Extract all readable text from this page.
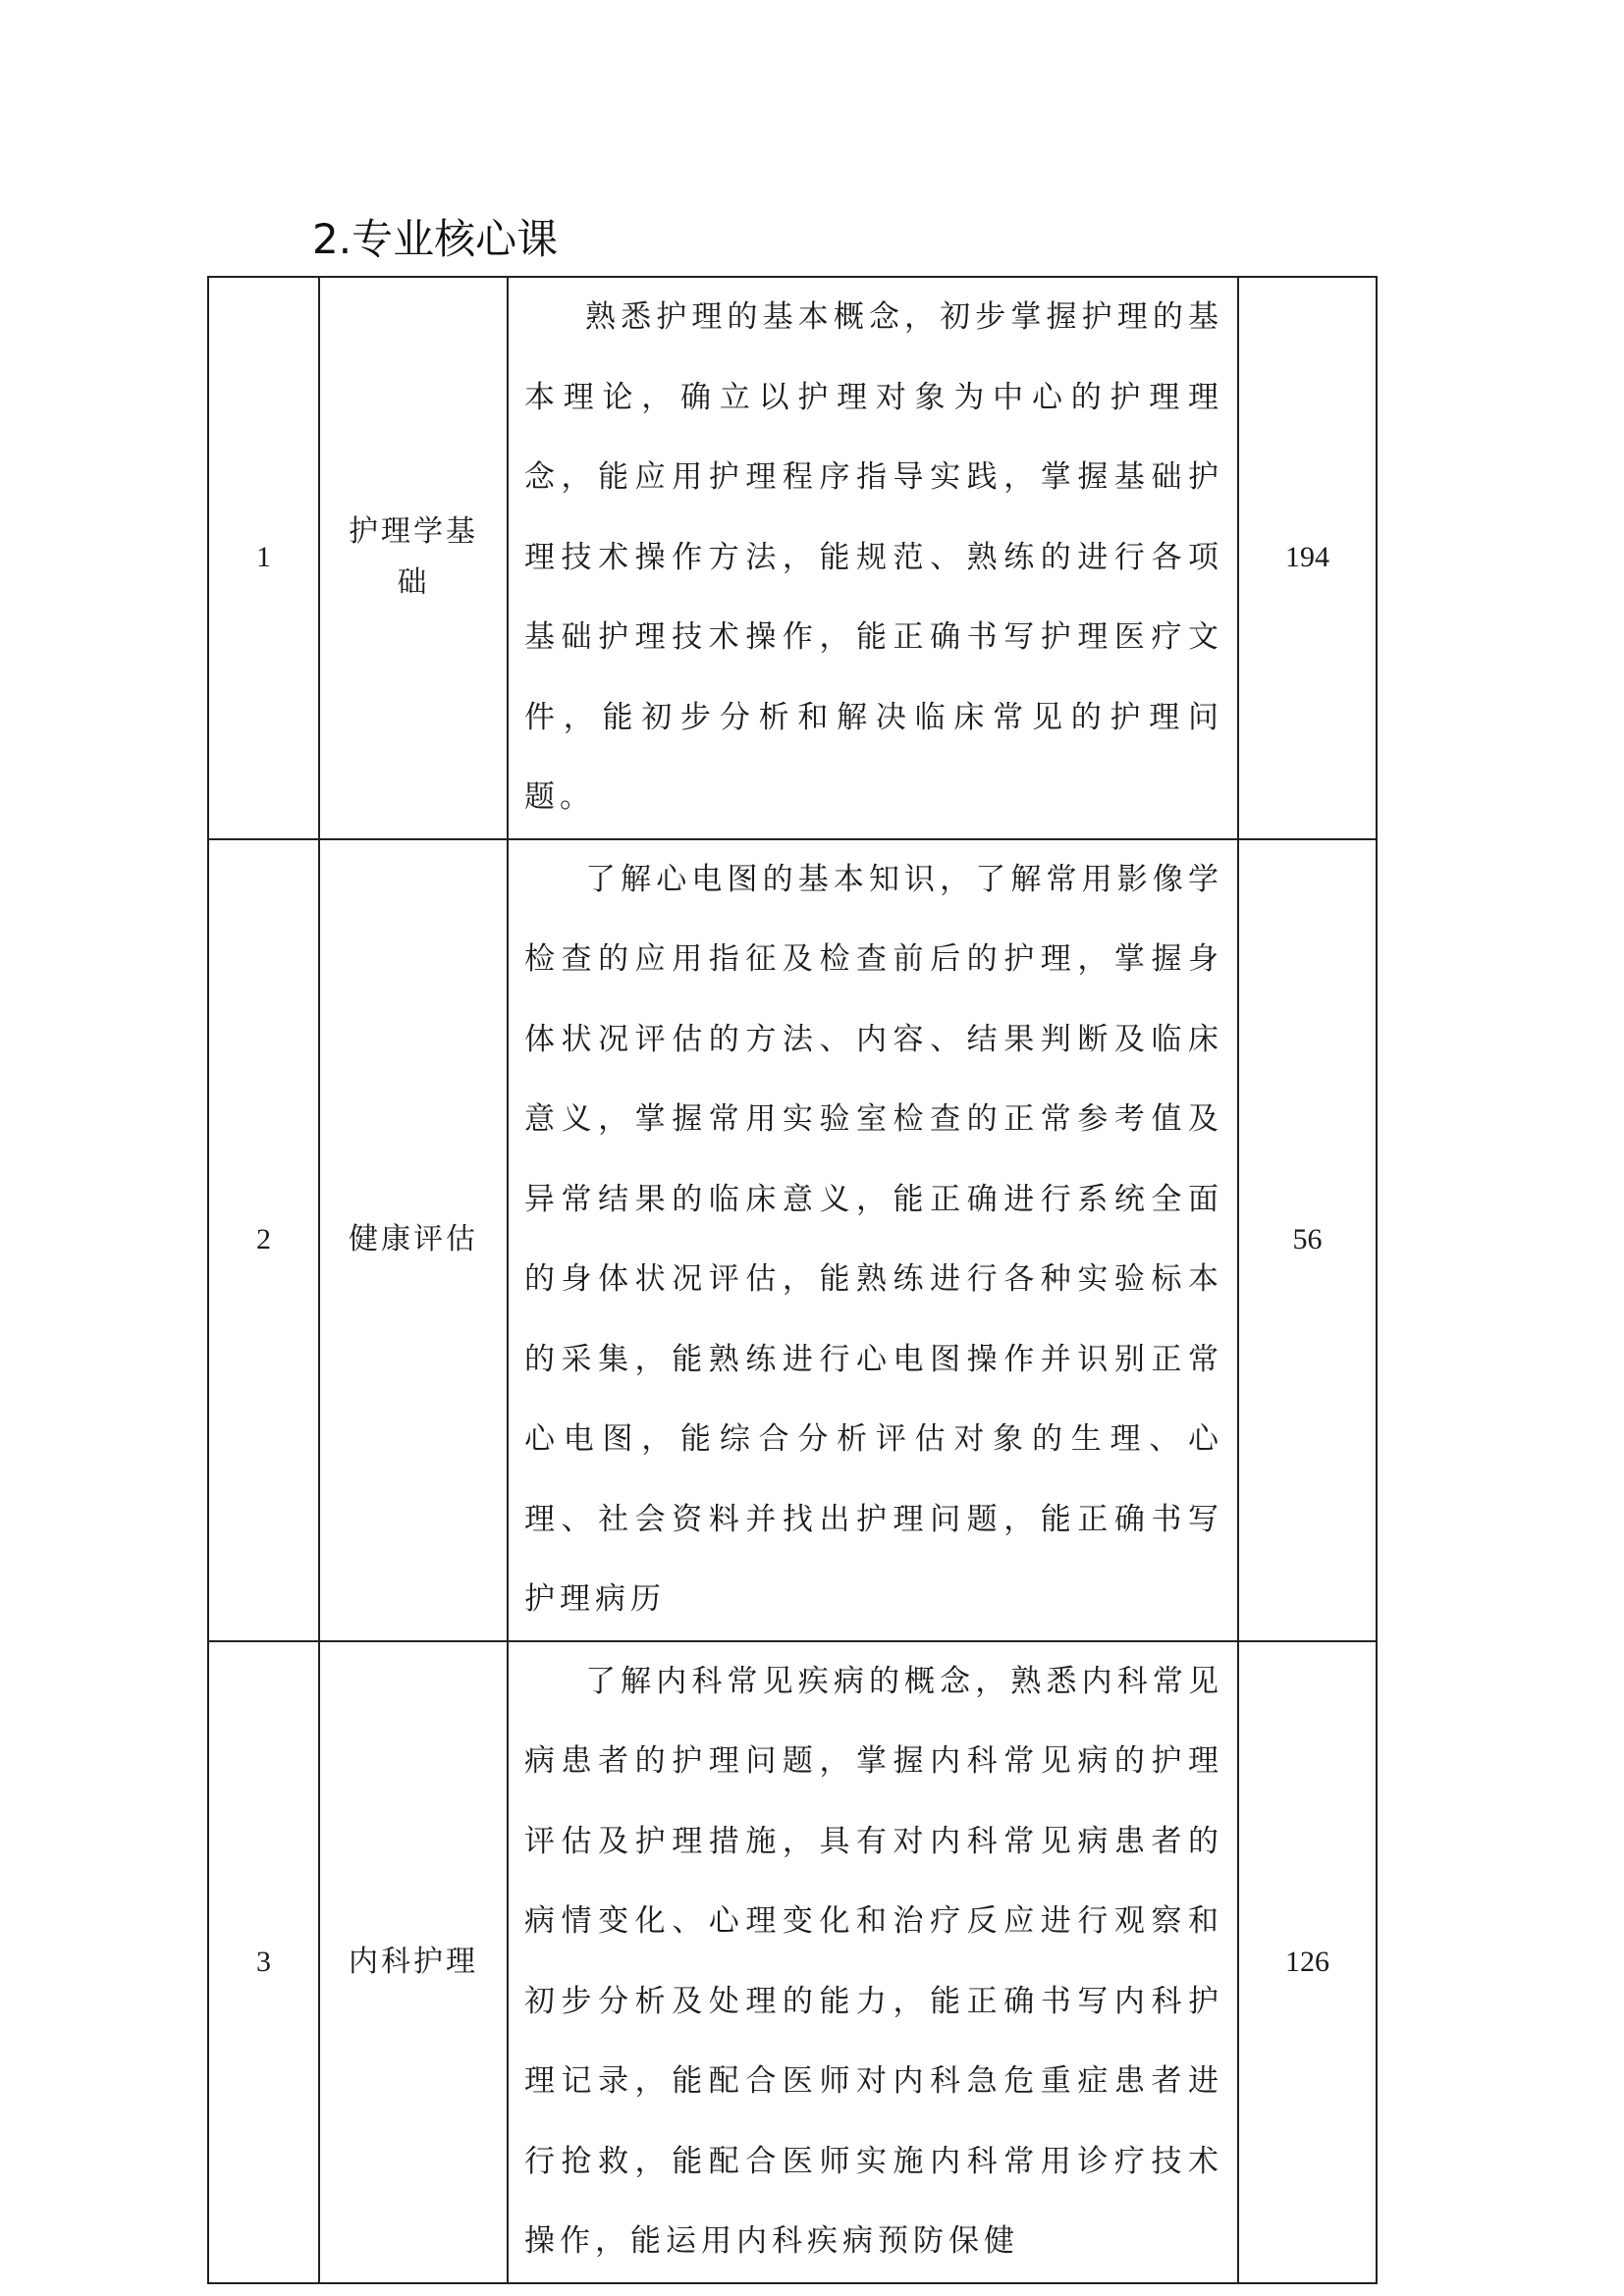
2.专业核心课
1	护理学基础	熟悉护理的基本概念，初步掌握护理的基本理论，确立以护理对象为中心的护理理念，能应用护理程序指导实践，掌握基础护理技术操作方法，能规范、熟练的进行各项基础护理技术操作，能正确书写护理医疗文件，能初步分析和解决临床常见的护理问题。	194
2	健康评估	了解心电图的基本知识，了解常用影像学检查的应用指征及检查前后的护理，掌握身体状况评估的方法、内容、结果判断及临床意义，掌握常用实验室检查的正常参考值及异常结果的临床意义，能正确进行系统全面的身体状况评估，能熟练进行各种实验标本的采集，能熟练进行心电图操作并识别正常心电图，能综合分析评估对象的生理、心理、社会资料并找出护理问题，能正确书写护理病历	56
3	内科护理	了解内科常见疾病的概念，熟悉内科常见病患者的护理问题，掌握内科常见病的护理评估及护理措施，具有对内科常见病患者的病情变化、心理变化和治疗反应进行观察和初步分析及处理的能力，能正确书写内科护理记录，能配合医师对内科急危重症患者进行抢救，能配合医师实施内科常用诊疗技术操作，能运用内科疾病预防保健	126
